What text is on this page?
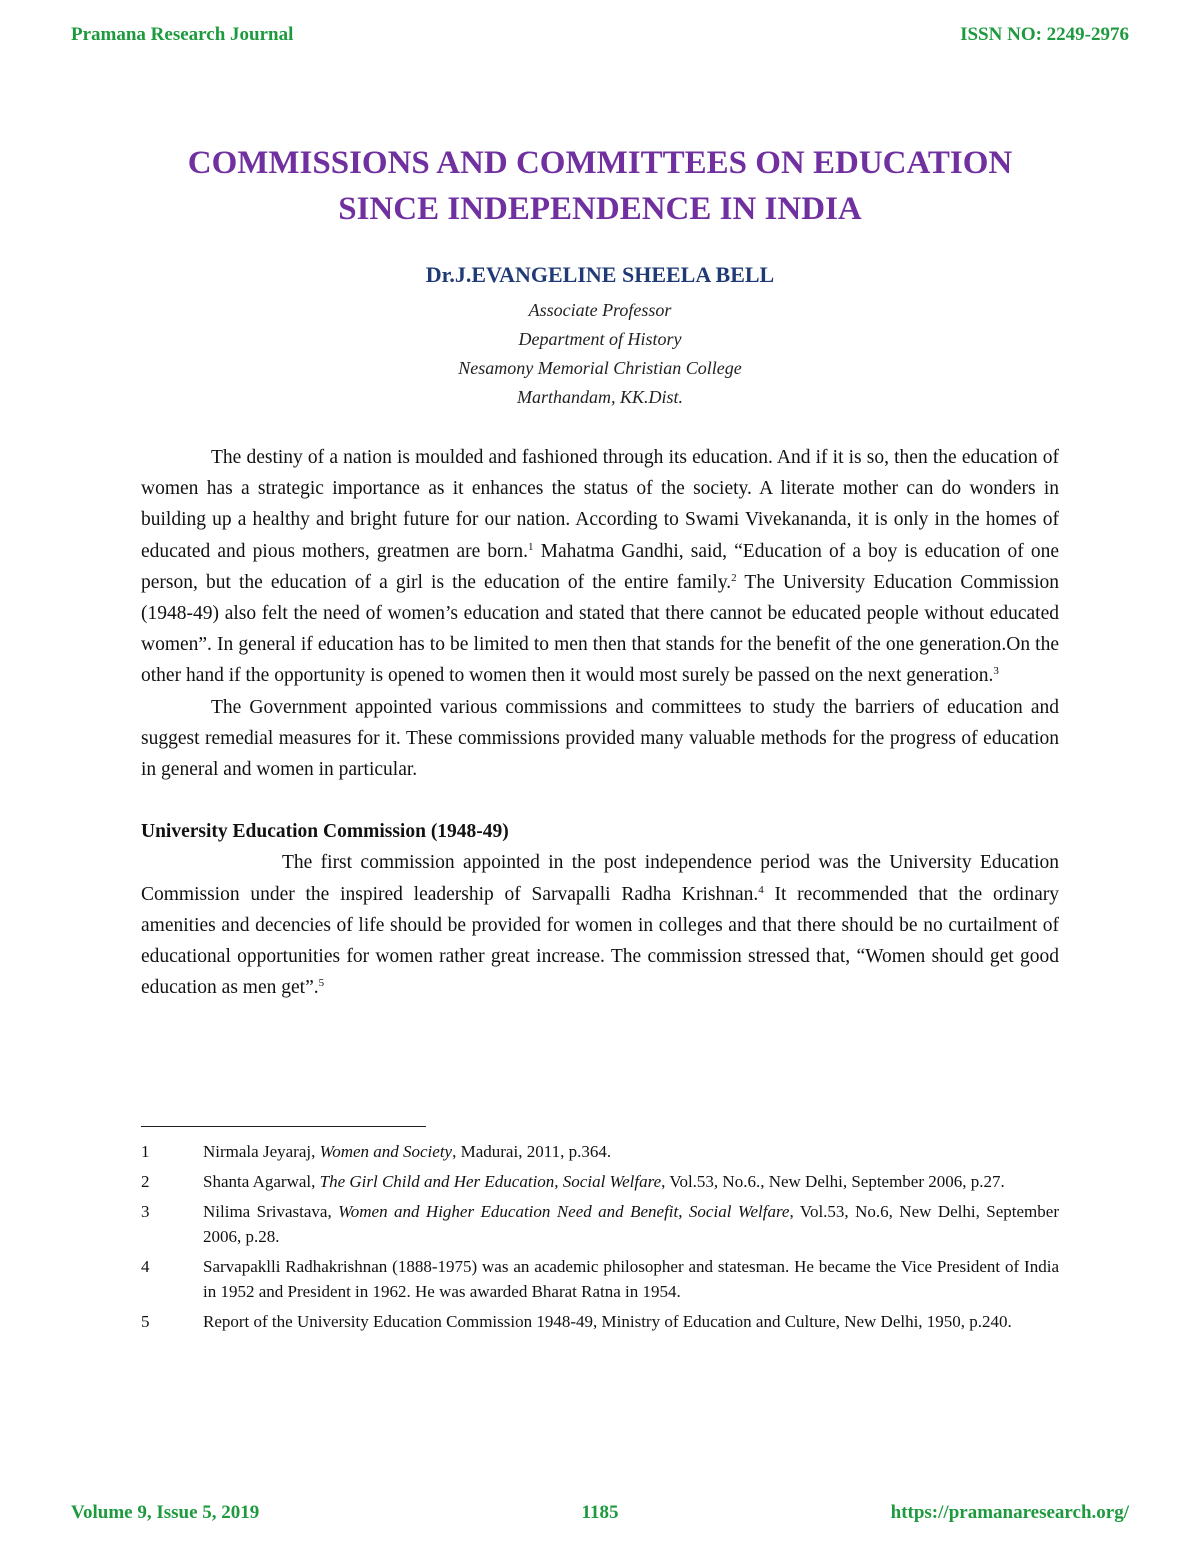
Pramana Research Journal	ISSN NO: 2249-2976
COMMISSIONS AND COMMITTEES ON EDUCATION
SINCE INDEPENDENCE IN INDIA
Dr.J.EVANGELINE SHEELA BELL
Associate Professor
Department of History
Nesamony Memorial Christian College
Marthandam, KK.Dist.

The destiny of a nation is moulded and fashioned through its education. And if it is so, then the education of women has a strategic importance as it enhances the status of the society. A literate mother can do wonders in building up a healthy and bright future for our nation. According to Swami Vivekananda, it is only in the homes of educated and pious mothers, greatmen are born.$^1$ Mahatma Gandhi, said, “Education of a boy is education of one person, but the education of a girl is the education of the entire family.$^2$ The University Education Commission (1948-49) also felt the need of women’s education and stated that there cannot be educated people without educated women”. In general if education has to be limited to men then that stands for the benefit of the one generation.On the other hand if the opportunity is opened to women then it would most surely be passed on the next generation.$^3$

The Government appointed various commissions and committees to study the barriers of education and suggest remedial measures for it. These commissions provided many valuable methods for the progress of education in general and women in particular.

University Education Commission (1948-49)

The first commission appointed in the post independence period was the University Education Commission under the inspired leadership of Sarvapalli Radha Krishnan.$^4$ It recommended that the ordinary amenities and decencies of life should be provided for women in colleges and that there should be no curtailment of educational opportunities for women rather great increase. The commission stressed that, “Women should get good education as men get”.$^5$

1	Nirmala Jeyaraj, Women and Society, Madurai, 2011, p.364.
2	Shanta Agarwal, The Girl Child and Her Education, Social Welfare, Vol.53, No.6., New Delhi, September 2006, p.27.
3	Nilima Srivastava, Women and Higher Education Need and Benefit, Social Welfare, Vol.53, No.6, New Delhi, September 2006, p.28.
4	Sarvapaklli Radhakrishnan (1888-1975) was an academic philosopher and statesman. He became the Vice President of India in 1952 and President in 1962. He was awarded Bharat Ratna in 1954.
5	Report of the University Education Commission 1948-49, Ministry of Education and Culture, New Delhi, 1950, p.240.
Volume 9, Issue 5, 2019	1185	https://pramanaresearch.org/
